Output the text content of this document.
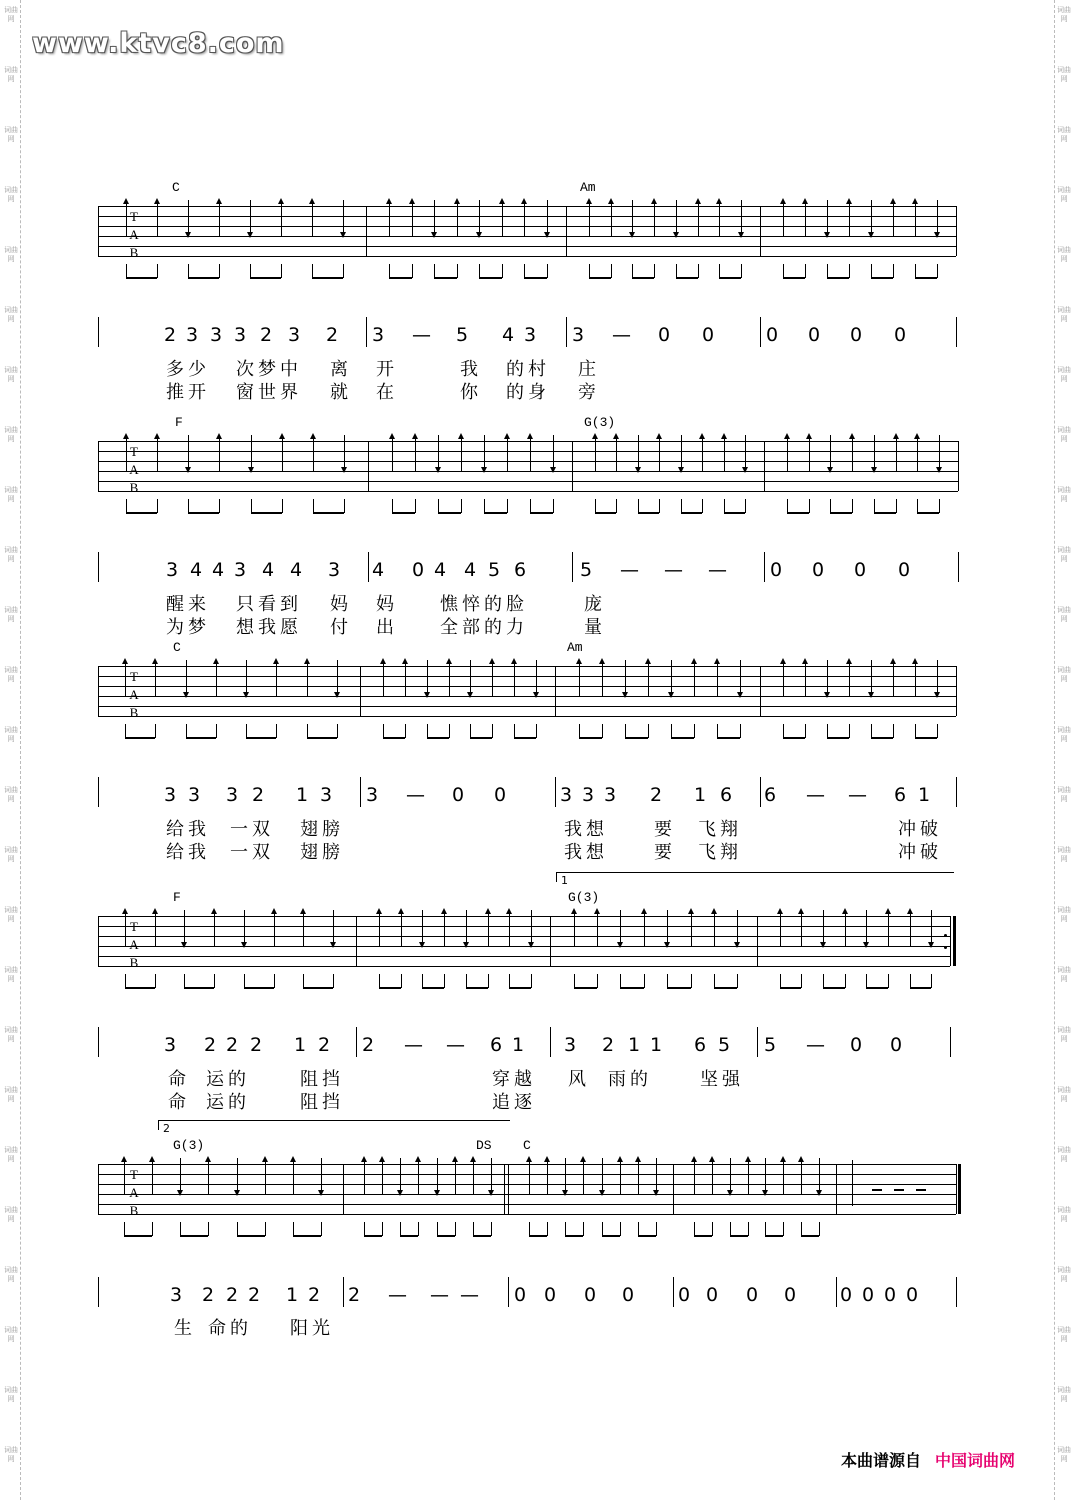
www.ktvc8.com
词曲网
词曲网
词曲网
词曲网
词曲网
词曲网
词曲网
词曲网
词曲网
词曲网
词曲网
词曲网
词曲网
词曲网
词曲网
词曲网
词曲网
词曲网
词曲网
词曲网
词曲网
词曲网
词曲网
词曲网
词曲网
词曲网
词曲网
词曲网
词曲网
词曲网
词曲网
词曲网
词曲网
词曲网
词曲网
词曲网
词曲网
词曲网
词曲网
词曲网
词曲网
词曲网
词曲网
词曲网
词曲网
词曲网
词曲网
词曲网
词曲网
词曲网
C	Am
T
A
B
2 3 3 3 2 3 2 3 — 5 4 3 3 — 0 0	0 0 0 0
多少 次梦中 离 开	我 的村 庄
推开 窗世界 就 在	你 的身 旁
F	G(3)
T
A
B
3 4 4 3 4 4 3 4 0 4 4 5 6	5 — — — 0 0 0 0
醒来 只看到 妈 妈 憔悴的脸	庞
为梦 想我愿 付 出 全部的力	量
C	Am
T
A
B
3 3 3 2 1 3 3 — 0 0	3 3 3 2 1 6 6 — — 6 1
给我 一双 翅膀	我想	要 飞翔	冲破
给我 一双 翅膀	我想	要 飞翔	冲破
F	G(3)
1
T
A
B
3 2 2 2 1 2 2 — — 6 1 3 2 1 1 6 5 5 — 0 0
命 运的	阻挡	穿越 风 雨的	坚强
命 运的	阻挡	追逐
G(3)	C
DS
2
T
A
B
3 2 2 2 1 2 2 — — — 0 0 0 0 0 0 0 0 0 0 0 0
生 命的 阳光
本曲谱源自 中国词曲网
